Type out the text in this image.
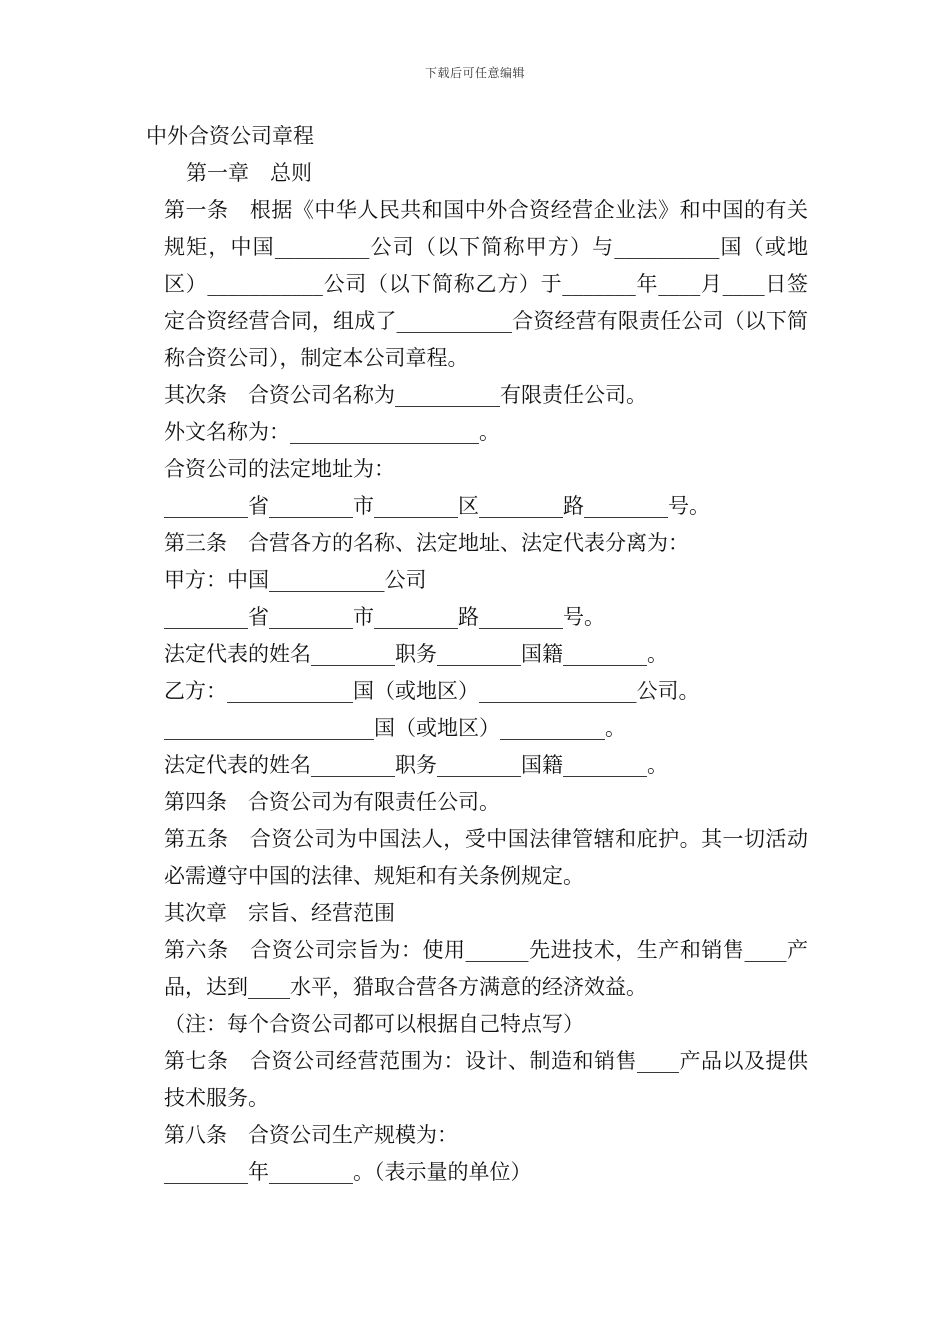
下载后可任意编辑

中外合资公司章程

第一章　总则

第一条　根据《中华人民共和国中外合资经营企业法》和中国的有关规矩，中国_________公司（以下简称甲方）与__________国（或地区）___________公司（以下简称乙方）于_______年____月____日签定合资经营合同，组成了___________合资经营有限责任公司（以下简称合资公司），制定本公司章程。

其次条　合资公司名称为__________有限责任公司。

外文名称为：__________________。

合资公司的法定地址为：

________省________市________区________路________号。

第三条　合营各方的名称、法定地址、法定代表分离为：

甲方：中国___________公司

________省________市________路________号。

法定代表的姓名________职务________国籍________。

乙方：____________国（或地区）_______________公司。

____________________国（或地区）__________。

法定代表的姓名________职务________国籍________。

第四条　合资公司为有限责任公司。

第五条　合资公司为中国法人，受中国法律管辖和庇护。其一切活动必需遵守中国的法律、规矩和有关条例规定。

其次章　宗旨、经营范围

第六条　合资公司宗旨为：使用______先进技术，生产和销售____产品，达到____水平，猎取合营各方满意的经济效益。

（注：每个合资公司都可以根据自己特点写）

第七条　合资公司经营范围为：设计、制造和销售____产品以及提供技术服务。

第八条　合资公司生产规模为：

________年________。（表示量的单位）
